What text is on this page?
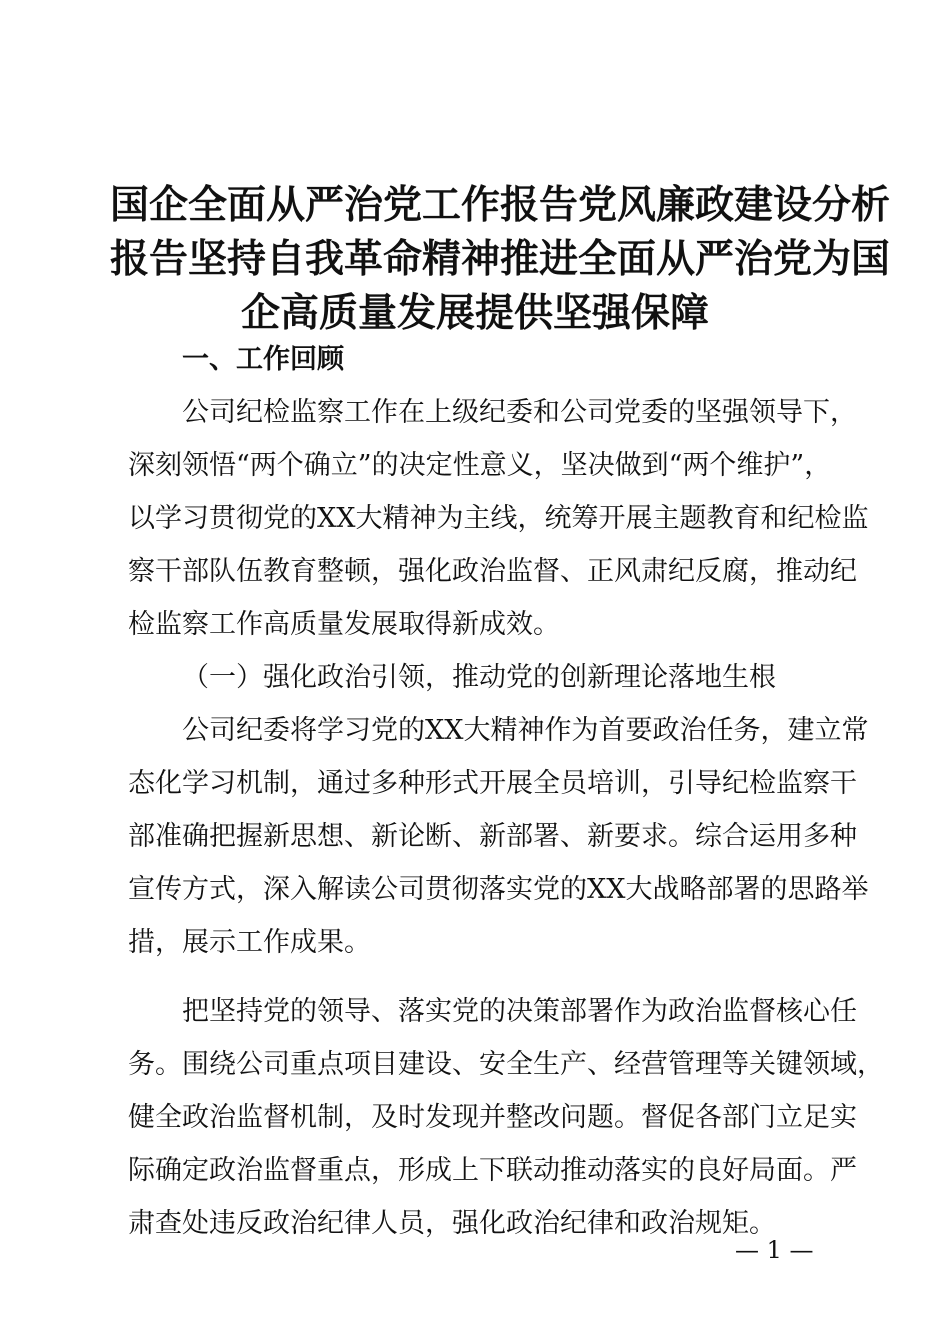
国企全面从严治党工作报告党风廉政建设分析
报告坚持自我革命精神推进全面从严治党为国
企高质量发展提供坚强保障
一、工作回顾
公司纪检监察工作在上级纪委和公司党委的坚强领导下，
深刻领悟“两个确立”的决定性意义，坚决做到“两个维护”，
以学习贯彻党的XX大精神为主线，统筹开展主题教育和纪检监
察干部队伍教育整顿，强化政治监督、正风肃纪反腐，推动纪
检监察工作高质量发展取得新成效。
（一）强化政治引领，推动党的创新理论落地生根
公司纪委将学习党的XX大精神作为首要政治任务，建立常
态化学习机制，通过多种形式开展全员培训，引导纪检监察干
部准确把握新思想、新论断、新部署、新要求。综合运用多种
宣传方式，深入解读公司贯彻落实党的XX大战略部署的思路举
措，展示工作成果。
把坚持党的领导、落实党的决策部署作为政治监督核心任
务。围绕公司重点项目建设、安全生产、经营管理等关键领域，
健全政治监督机制，及时发现并整改问题。督促各部门立足实
际确定政治监督重点，形成上下联动推动落实的良好局面。严
肃查处违反政治纪律人员，强化政治纪律和政治规矩。
— 1 —
